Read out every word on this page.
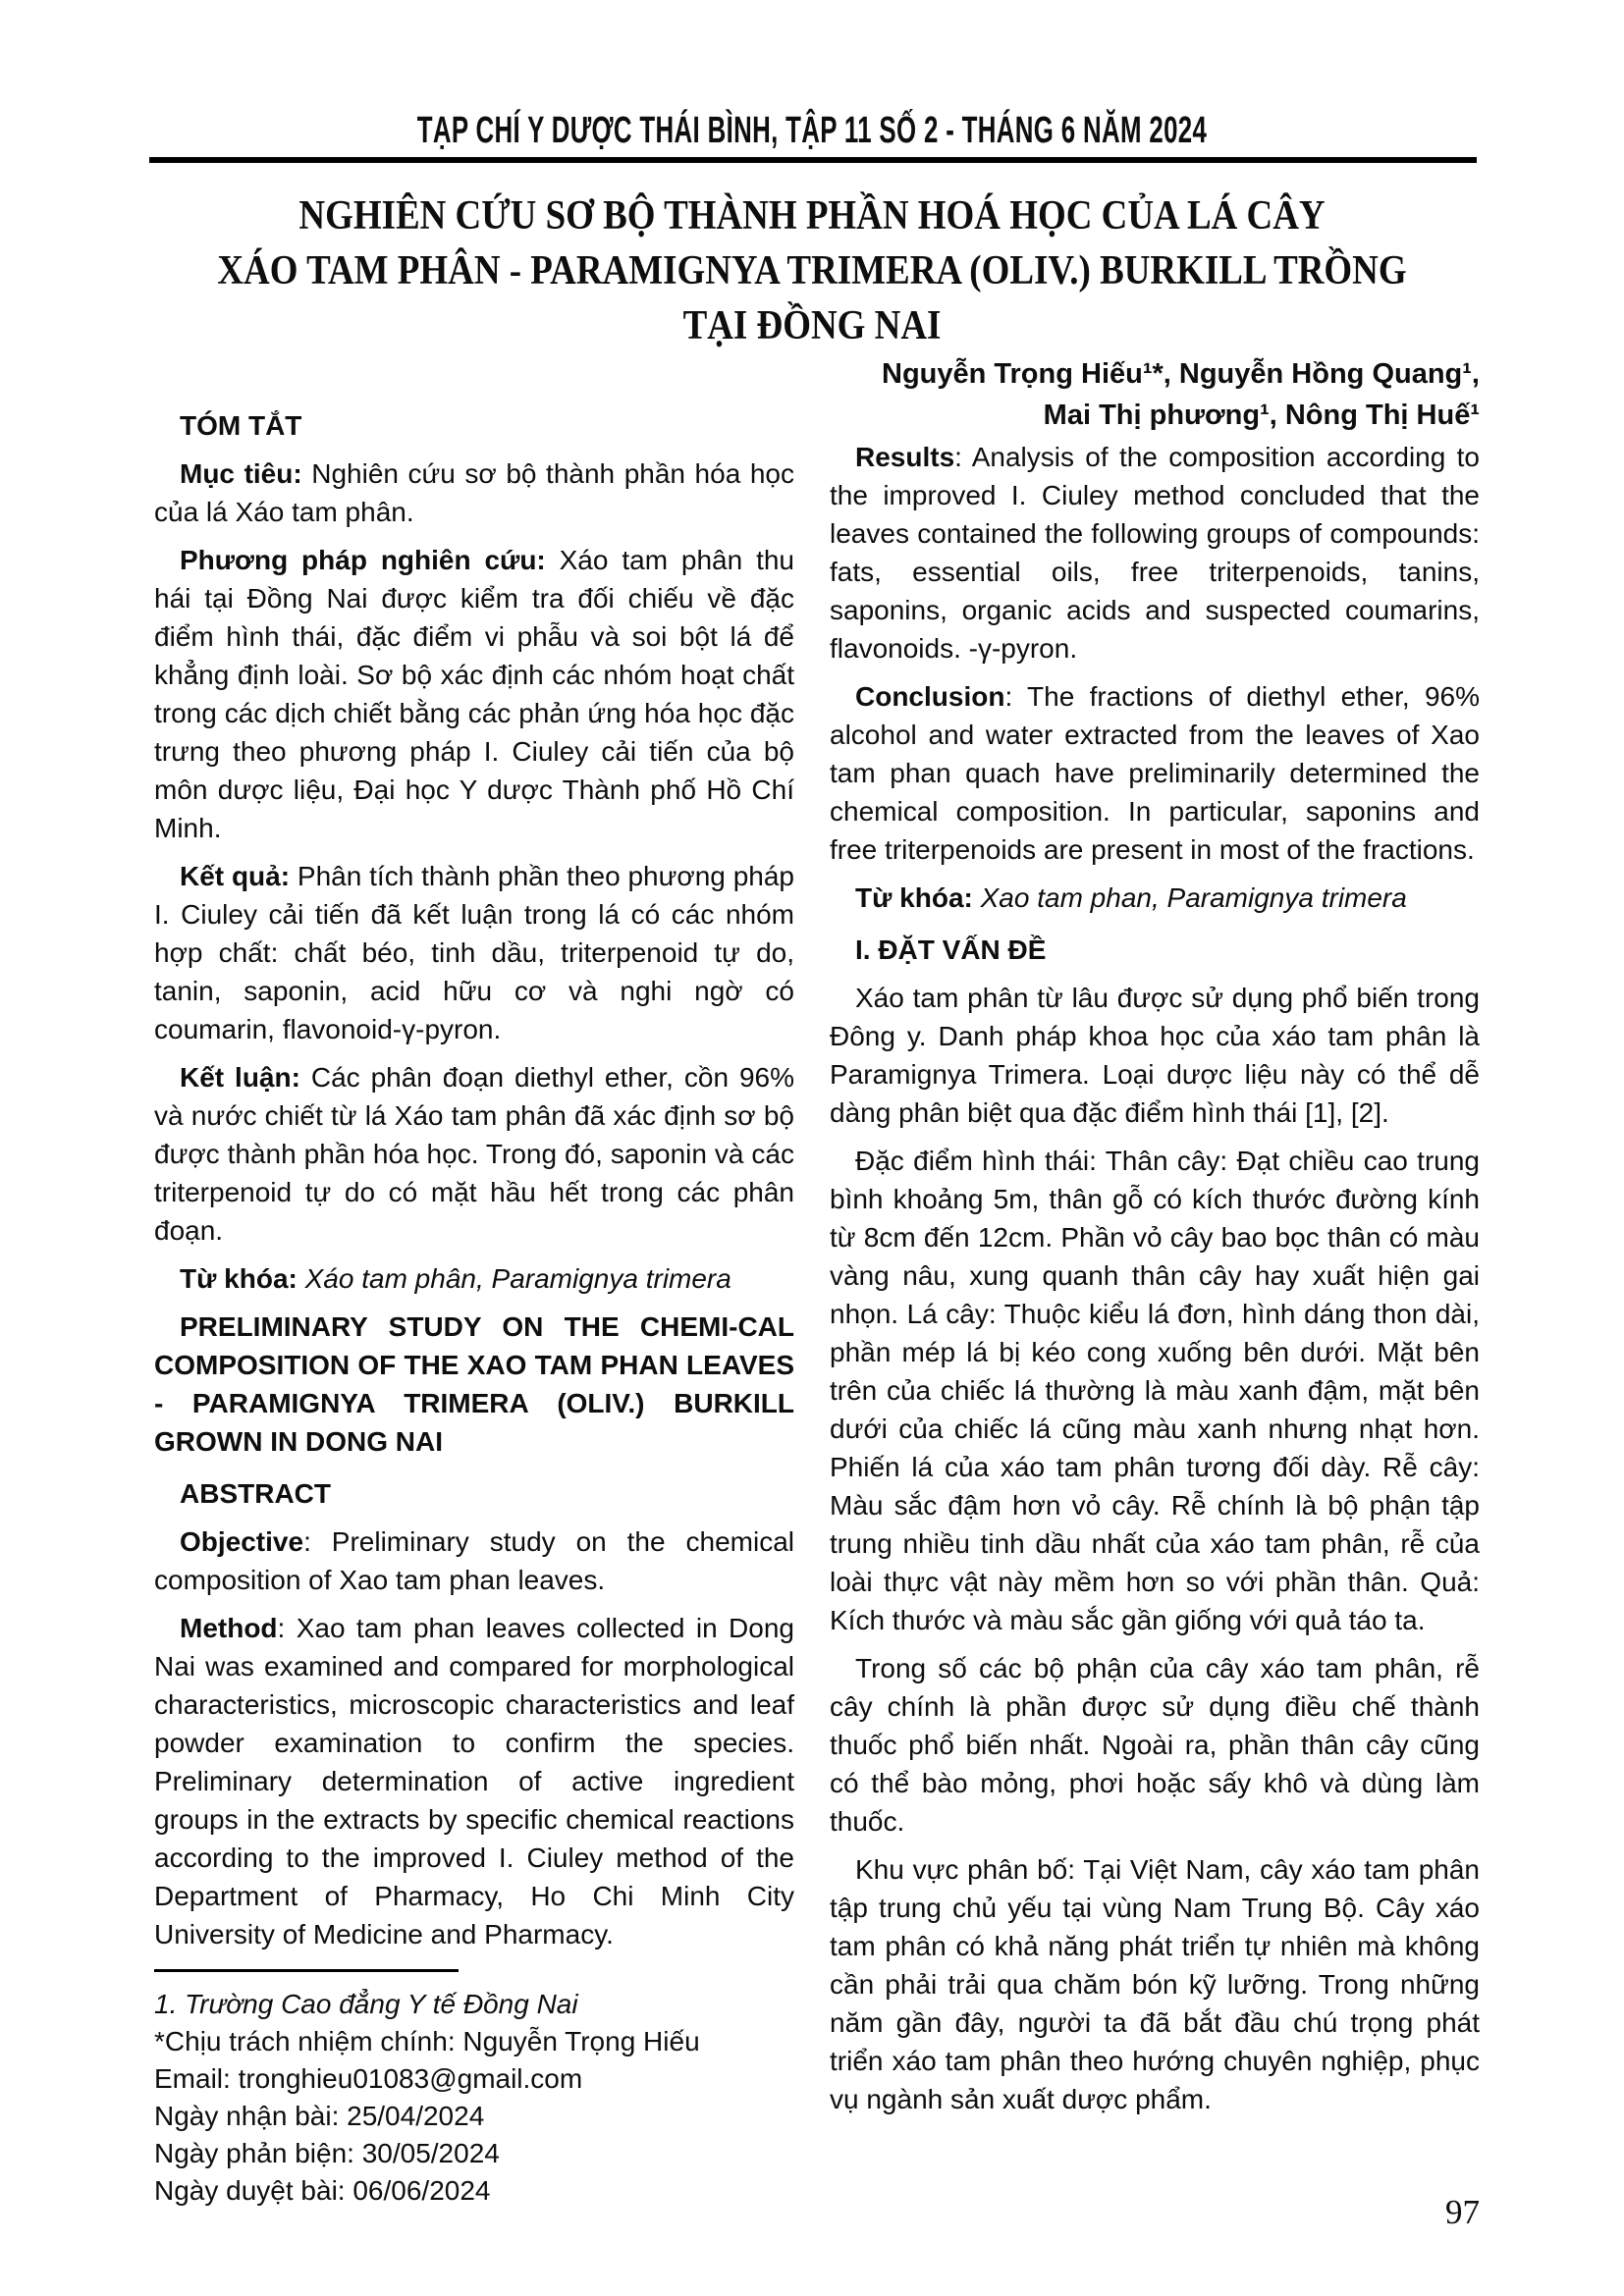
TẠP CHÍ Y DƯỢC THÁI BÌNH, TẬP 11 SỐ 2 - THÁNG 6 NĂM 2024
NGHIÊN CỨU SƠ BỘ THÀNH PHẦN HOÁ HỌC CỦA LÁ CÂY
XÁO TAM PHÂN - PARAMIGNYA TRIMERA (OLIV.) BURKILL TRỒNG
TẠI ĐỒNG NAI
Nguyễn Trọng Hiếu¹*, Nguyễn Hồng Quang¹,
Mai Thị phương¹, Nông Thị Huế¹

TÓM TẮT

Mục tiêu: Nghiên cứu sơ bộ thành phần hóa học của lá Xáo tam phân.

Phương pháp nghiên cứu: Xáo tam phân thu hái tại Đồng Nai được kiểm tra đối chiếu về đặc điểm hình thái, đặc điểm vi phẫu và soi bột lá để khẳng định loài. Sơ bộ xác định các nhóm hoạt chất trong các dịch chiết bằng các phản ứng hóa học đặc trưng theo phương pháp I. Ciuley cải tiến của bộ môn dược liệu, Đại học Y dược Thành phố Hồ Chí Minh.

Kết quả: Phân tích thành phần theo phương pháp I. Ciuley cải tiến đã kết luận trong lá có các nhóm hợp chất: chất béo, tinh dầu, triterpenoid tự do, tanin, saponin, acid hữu cơ và nghi ngờ có coumarin, flavonoid-γ-pyron.

Kết luận: Các phân đoạn diethyl ether, cồn 96% và nước chiết từ lá Xáo tam phân đã xác định sơ bộ được thành phần hóa học. Trong đó, saponin và các triterpenoid tự do có mặt hầu hết trong các phân đoạn.

Từ khóa: Xáo tam phân, Paramignya trimera

PRELIMINARY STUDY ON THE CHEMI-CAL COMPOSITION OF THE XAO TAM PHAN LEAVES - PARAMIGNYA TRIMERA (OLIV.) BURKILL GROWN IN DONG NAI

ABSTRACT

Objective: Preliminary study on the chemical composition of Xao tam phan leaves.

Method: Xao tam phan leaves collected in Dong Nai was examined and compared for morphological characteristics, microscopic characteristics and leaf powder examination to confirm the species. Preliminary determination of active ingredient groups in the extracts by specific chemical reactions according to the improved I. Ciuley method of the Department of Pharmacy, Ho Chi Minh City University of Medicine and Pharmacy.

1. Trường Cao đẳng Y tế Đồng Nai
*Chịu trách nhiệm chính: Nguyễn Trọng Hiếu
Email: tronghieu01083@gmail.com
Ngày nhận bài: 25/04/2024
Ngày phản biện: 30/05/2024
Ngày duyệt bài: 06/06/2024

Results: Analysis of the composition according to the improved I. Ciuley method concluded that the leaves contained the following groups of compounds: fats, essential oils, free triterpenoids, tanins, saponins, organic acids and suspected coumarins, flavonoids. -γ-pyron.

Conclusion: The fractions of diethyl ether, 96% alcohol and water extracted from the leaves of Xao tam phan quach have preliminarily determined the chemical composition. In particular, saponins and free triterpenoids are present in most of the fractions.

Từ khóa: Xao tam phan, Paramignya trimera

I. ĐẶT VẤN ĐỀ

Xáo tam phân từ lâu được sử dụng phổ biến trong Đông y. Danh pháp khoa học của xáo tam phân là Paramignya Trimera. Loại dược liệu này có thể dễ dàng phân biệt qua đặc điểm hình thái [1], [2].

Đặc điểm hình thái: Thân cây: Đạt chiều cao trung bình khoảng 5m, thân gỗ có kích thước đường kính từ 8cm đến 12cm. Phần vỏ cây bao bọc thân có màu vàng nâu, xung quanh thân cây hay xuất hiện gai nhọn. Lá cây: Thuộc kiểu lá đơn, hình dáng thon dài, phần mép lá bị kéo cong xuống bên dưới. Mặt bên trên của chiếc lá thường là màu xanh đậm, mặt bên dưới của chiếc lá cũng màu xanh nhưng nhạt hơn. Phiến lá của xáo tam phân tương đối dày. Rễ cây: Màu sắc đậm hơn vỏ cây. Rễ chính là bộ phận tập trung nhiều tinh dầu nhất của xáo tam phân, rễ của loài thực vật này mềm hơn so với phần thân. Quả: Kích thước và màu sắc gần giống với quả táo ta.

Trong số các bộ phận của cây xáo tam phân, rễ cây chính là phần được sử dụng điều chế thành thuốc phổ biến nhất. Ngoài ra, phần thân cây cũng có thể bào mỏng, phơi hoặc sấy khô và dùng làm thuốc.

Khu vực phân bố: Tại Việt Nam, cây xáo tam phân tập trung chủ yếu tại vùng Nam Trung Bộ. Cây xáo tam phân có khả năng phát triển tự nhiên mà không cần phải trải qua chăm bón kỹ lưỡng. Trong những năm gần đây, người ta đã bắt đầu chú trọng phát triển xáo tam phân theo hướng chuyên nghiệp, phục vụ ngành sản xuất dược phẩm.

97
